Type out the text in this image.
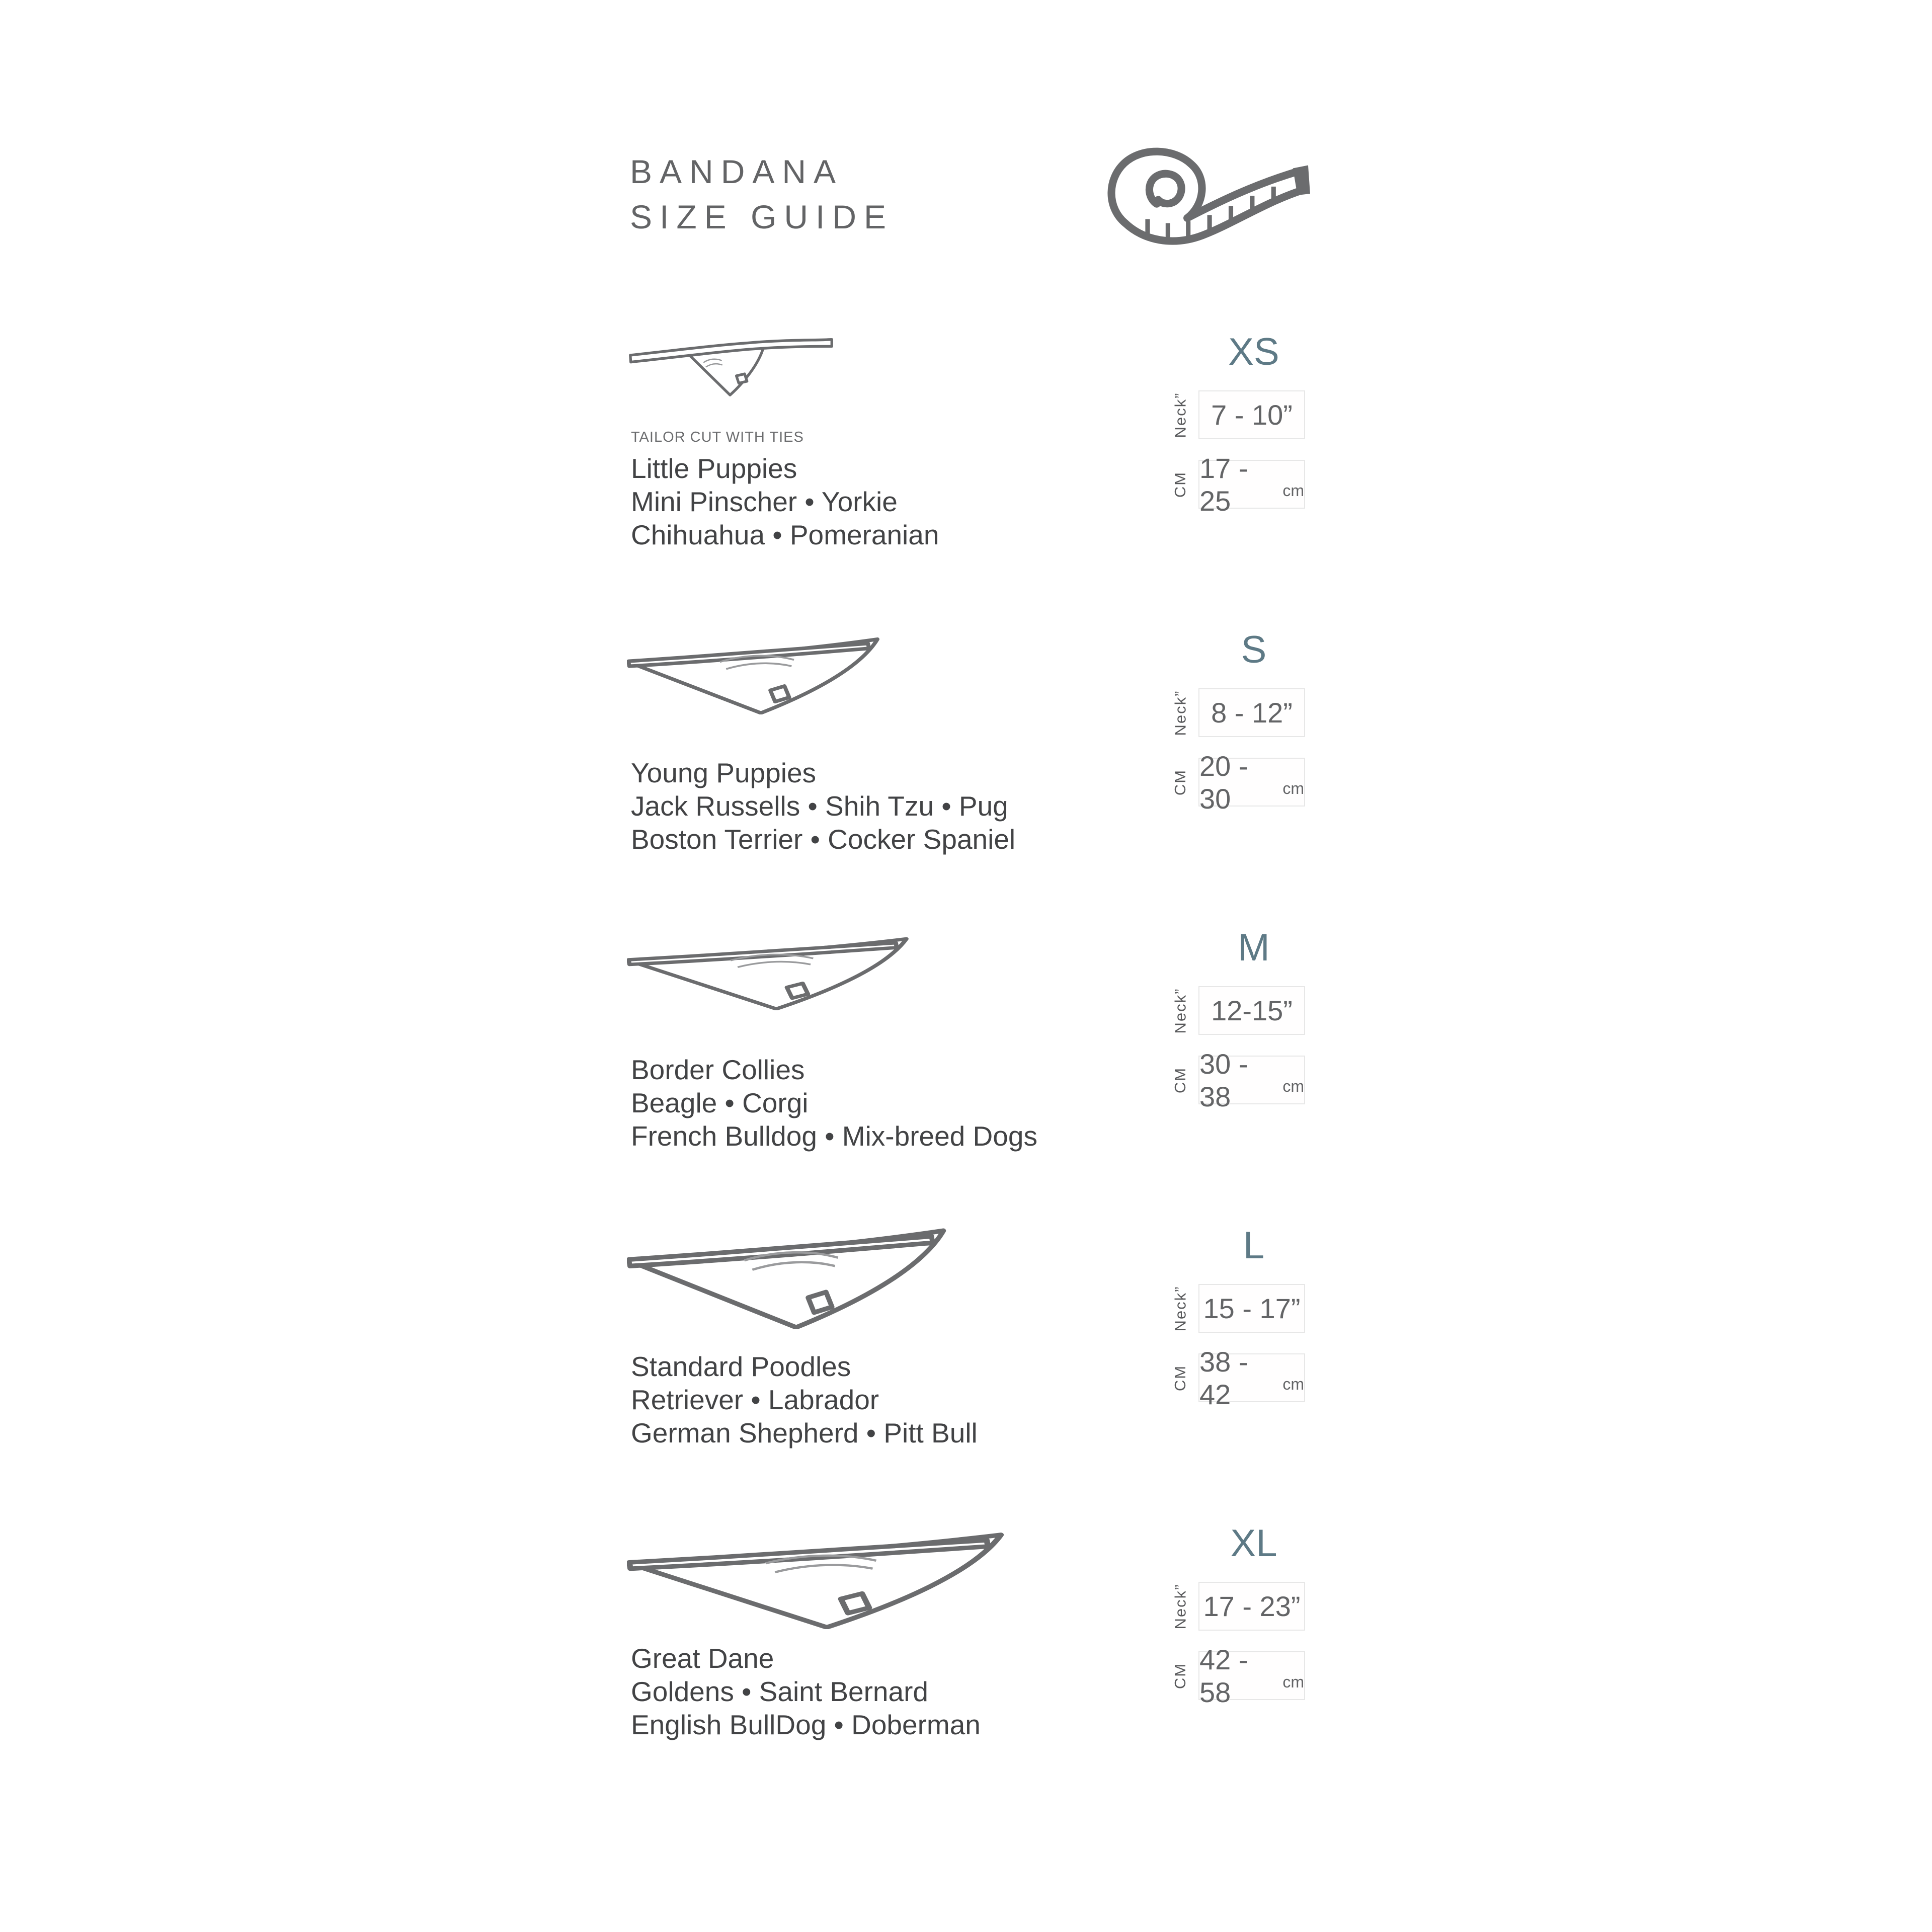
BANDANA
SIZE GUIDE
TAILOR CUT WITH TIES
Little Puppies
Mini Pinscher • Yorkie
Chihuahua • Pomeranian
XS
Neck” 7 - 10”
CM
17 - 25	cm
Young Puppies
Jack Russells • Shih Tzu • Pug
Boston Terrier • Cocker Spaniel
S
Neck” 8 - 12”
CM
20 - 30	cm
Border Collies
Beagle • Corgi
French Bulldog • Mix-breed Dogs
M
Neck” 12-15”
CM
30 - 38	cm
Standard Poodles
Retriever • Labrador
German Shepherd • Pitt Bull
L
Neck” 15 - 17”
CM
38 - 42	cm
Great Dane
Goldens • Saint Bernard
English BullDog • Doberman
XL
Neck” 17 - 23”
CM
42 - 58	cm
